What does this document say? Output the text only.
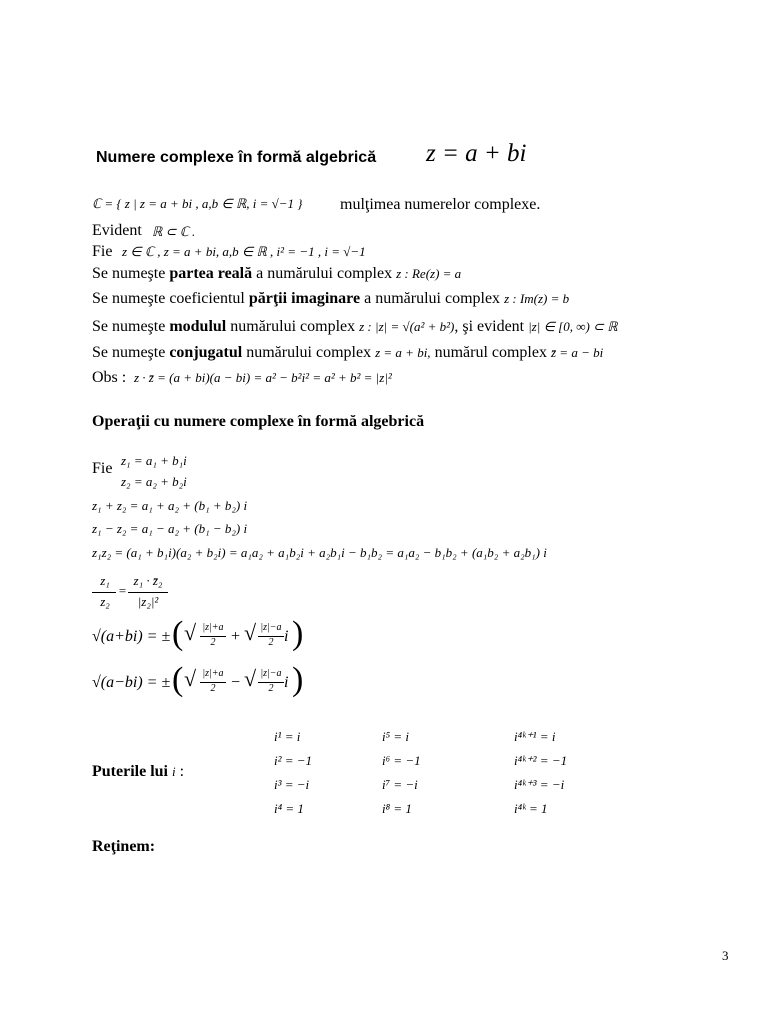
Numere complexe în formă algebrică z = a + bi
ℂ = { z | z = a + bi , a,b ∈ ℝ, i = √−1 } mulţimea numerelor complexe.
Evident ℝ ⊂ ℂ .
Fie z ∈ ℂ , z = a + bi, a,b ∈ ℝ , i² = −1 , i = √−1
Se numeşte partea reală a numărului complex z : Re(z) = a
Se numeşte coeficientul părţii imaginare a numărului complex z : Im(z) = b
Se numeşte modulul numărului complex z : |z| = √(a² + b²), şi evident |z| ∈ [0, ∞) ⊂ ℝ
Se numeşte conjugatul numărului complex z = a + bi, numărul complex z̄ = a − bi
Obs : z · z̄ = (a + bi)(a − bi) = a² − b²i² = a² + b² = |z|²
Operaţii cu numere complexe în formă algebrică
Fie z₁ = a₁ + b₁i
z₂ = a₂ + b₂i
z₁ + z₂ = a₁ + a₂ + (b₁ + b₂) i
z₁ − z₂ = a₁ − a₂ + (b₁ − b₂) i
z₁z₂ = (a₁ + b₁i)(a₂ + b₂i) = a₁a₂ + a₁b₂i + a₂b₁i − b₁b₂ = a₁a₂ − b₁b₂ + (a₁b₂ + a₂b₁) i
z₁
z₂
=
z₁ · z̄₂
|z₂|²
√(a+bi) = ± ( √ |z|+a
2 + √ |z|−a
2 i )
√(a−bi) = ± ( √ |z|+a
2 − √ |z|−a
2 i )
Puterile lui i :
i¹ = i
i² = −1
i³ = −i
i⁴ = 1
i⁵ = i
i⁶ = −1
i⁷ = −i
i⁸ = 1
i⁴ᵏ⁺¹ = i
i⁴ᵏ⁺² = −1
i⁴ᵏ⁺³ = −i
i⁴ᵏ = 1
Reţinem:
3
